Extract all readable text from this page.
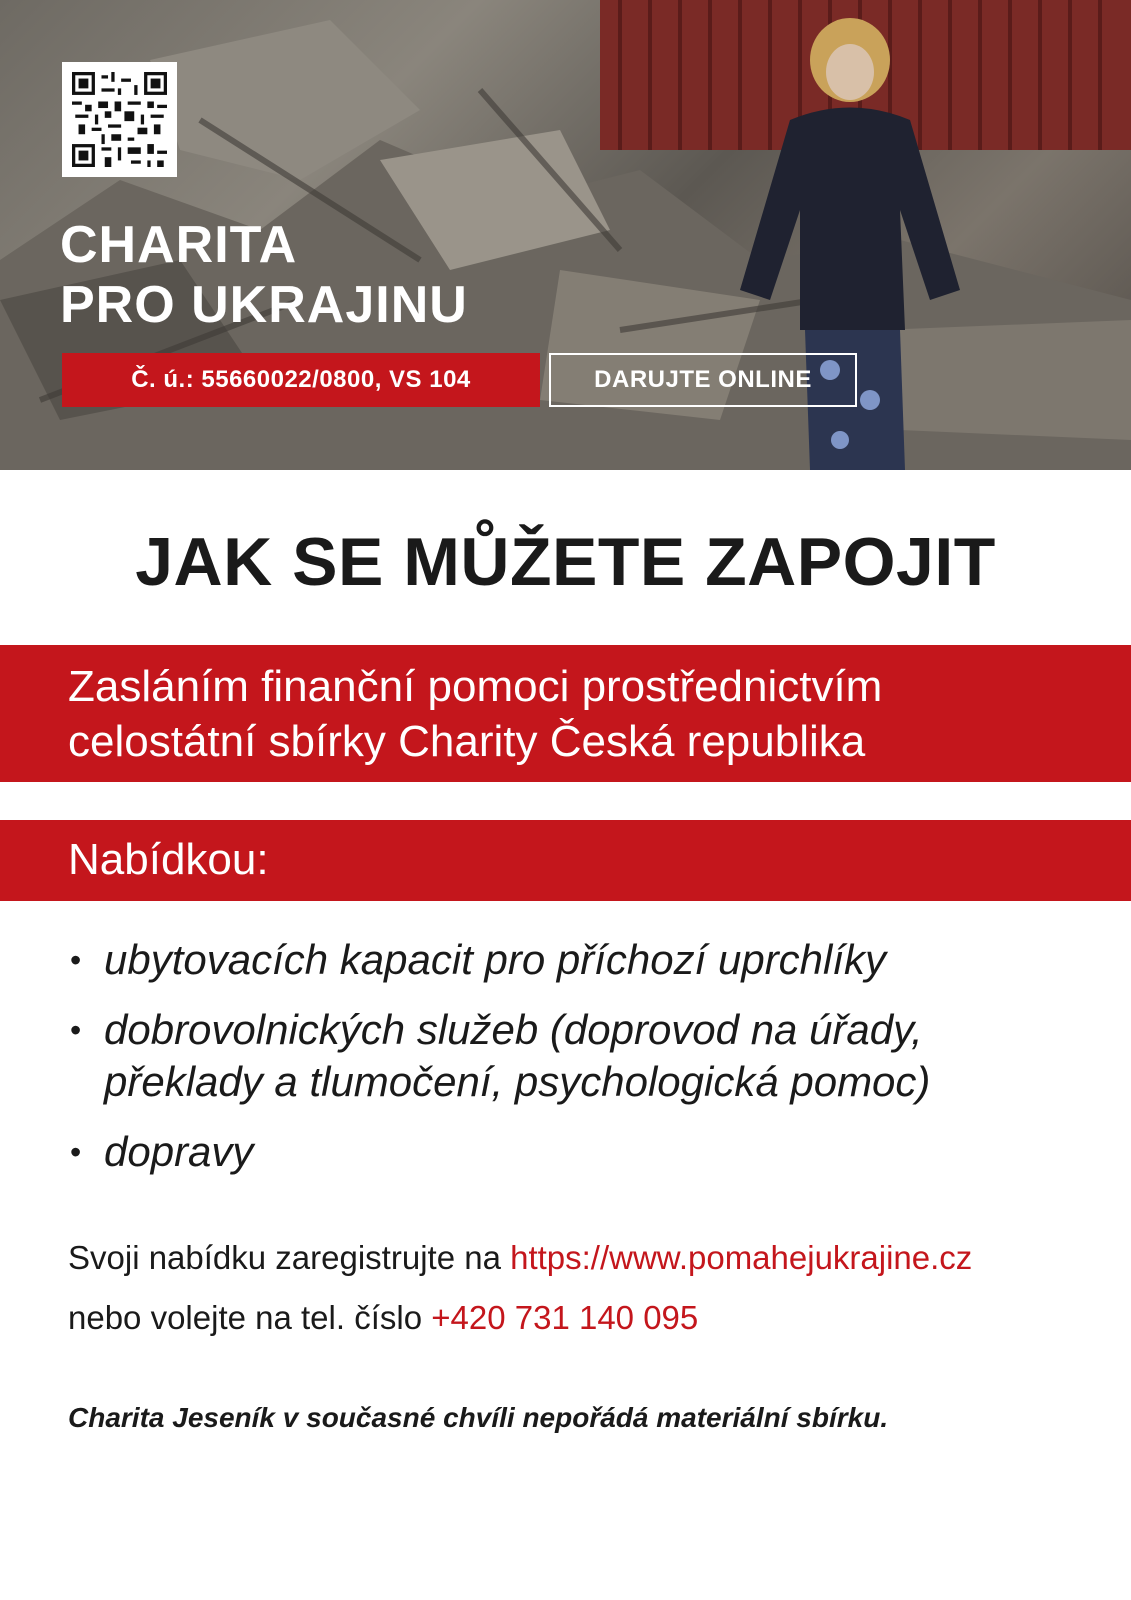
CHARITA
PRO UKRAJINU
Č. ú.: 55660022/0800, VS 104	DARUJTE ONLINE
JAK SE MŮŽETE ZAPOJIT
Zasláním finanční pomoci prostřednictvím
celostátní sbírky Charity Česká republika
Nabídkou:
• ubytovacích kapacit pro příchozí uprchlíky
• dobrovolnických služeb (doprovod na úřady,
překlady a tlumočení, psychologická pomoc)
• dopravy
Svoji nabídku zaregistrujte na https://www.pomahejukrajine.cz
nebo volejte na tel. číslo +420 731 140 095
Charita Jeseník v současné chvíli nepořádá materiální sbírku.
